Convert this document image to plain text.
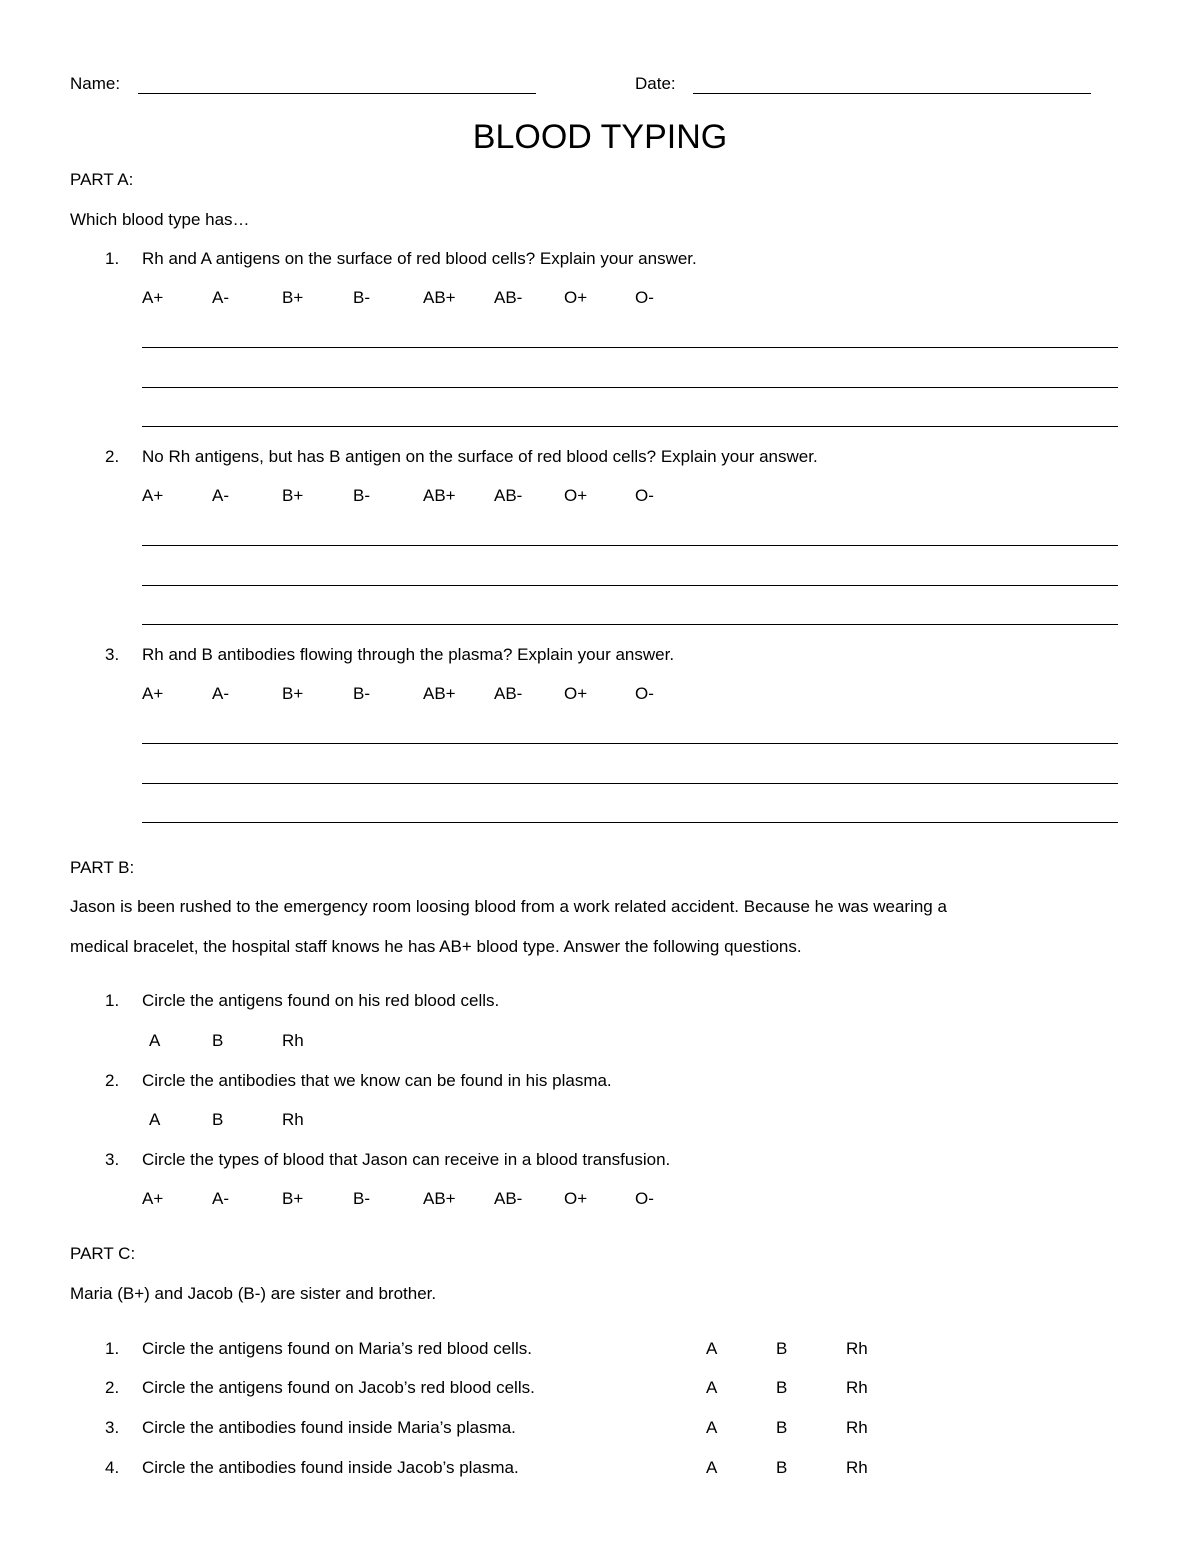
Name:	Date:
BLOOD TYPING
PART A:
Which blood type has…
1. Rh and A antigens on the surface of red blood cells? Explain your answer.
A+	A-	B+	B-	AB+ AB- O+	O-
2. No Rh antigens, but has B antigen on the surface of red blood cells? Explain your answer.
A+	A-	B+	B-	AB+ AB- O+	O-
3. Rh and B antibodies flowing through the plasma? Explain your answer.
A+	A-	B+	B-	AB+ AB- O+	O-
PART B:
Jason is been rushed to the emergency room loosing blood from a work related accident. Because he was wearing a
medical bracelet, the hospital staff knows he has AB+ blood type. Answer the following questions.
1. Circle the antigens found on his red blood cells.
A	B	Rh
2. Circle the antibodies that we know can be found in his plasma.
A	B	Rh
3. Circle the types of blood that Jason can receive in a blood transfusion.
A+	A-	B+	B-	AB+ AB- O+	O-
PART C:
Maria (B+) and Jacob (B-) are sister and brother.
1. Circle the antigens found on Maria’s red blood cells.	A	B	Rh
2. Circle the antigens found on Jacob’s red blood cells.	A	B	Rh
3. Circle the antibodies found inside Maria’s plasma.	A	B	Rh
4. Circle the antibodies found inside Jacob’s plasma.	A	B	Rh
